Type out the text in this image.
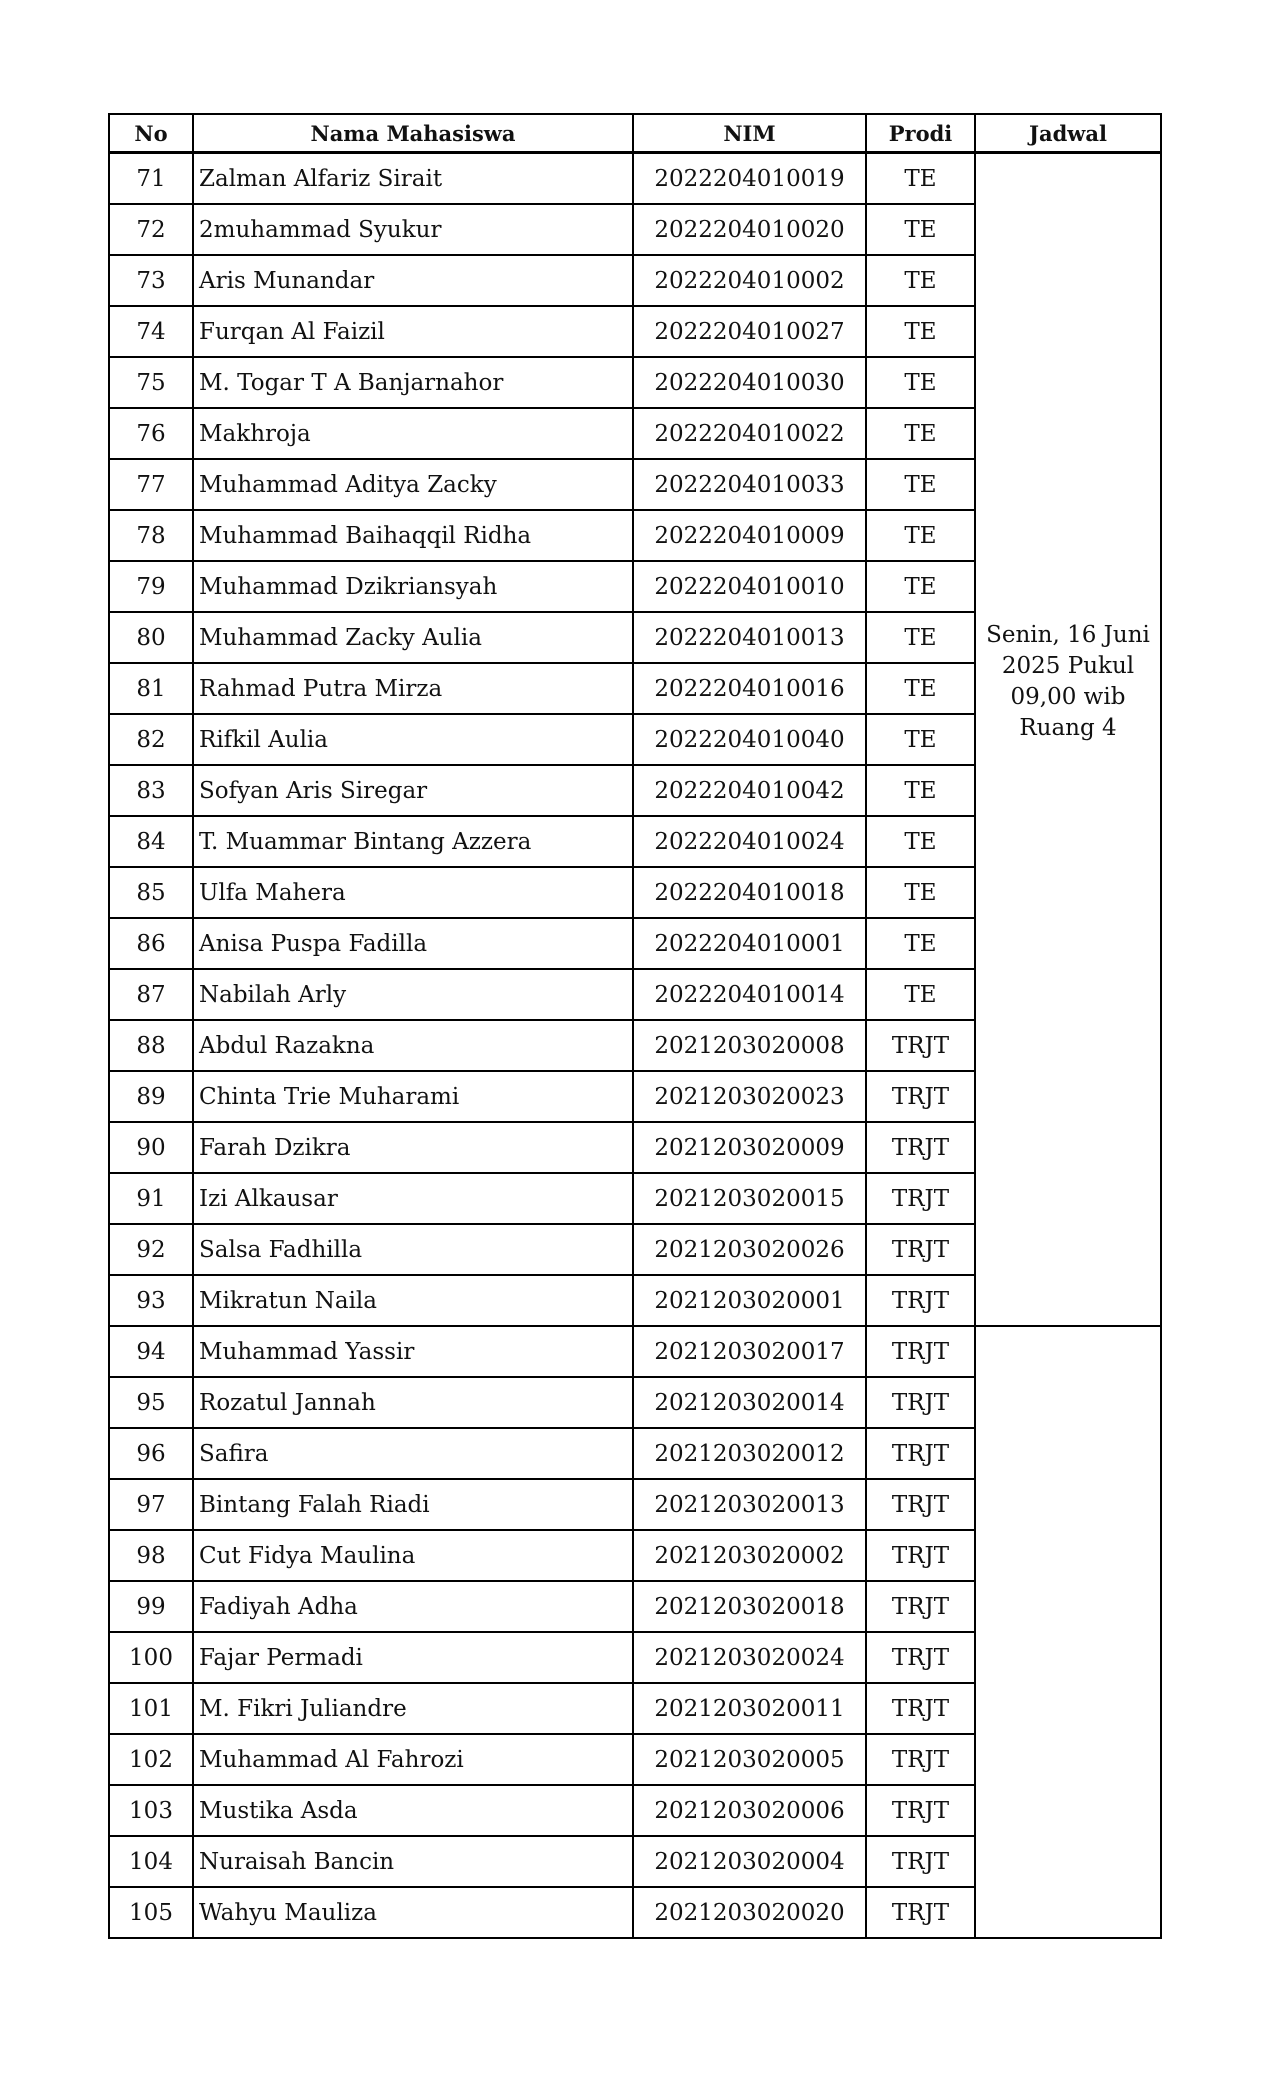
No	Nama Mahasiswa	NIM	Prodi	Jadwal
71	Zalman Alfariz Sirait	2022204010019	TE	Senin, 16 Juni
2025 Pukul
09,00 wib
Ruang 4

72	2muhammad Syukur	2022204010020	TE	
73	Aris Munandar	2022204010002	TE	
74	Furqan Al Faizil	2022204010027	TE	
75	M. Togar T A Banjarnahor	2022204010030	TE	
76	Makhroja	2022204010022	TE	
77	Muhammad Aditya Zacky	2022204010033	TE	
78	Muhammad Baihaqqil Ridha	2022204010009	TE	
79	Muhammad Dzikriansyah	2022204010010	TE	
80	Muhammad Zacky Aulia	2022204010013	TE	
81	Rahmad Putra Mirza	2022204010016	TE	
82	Rifkil Aulia	2022204010040	TE	
83	Sofyan Aris Siregar	2022204010042	TE	
84	T. Muammar Bintang Azzera	2022204010024	TE	
85	Ulfa Mahera	2022204010018	TE	
86	Anisa Puspa Fadilla	2022204010001	TE	
87	Nabilah Arly	2022204010014	TE	
88	Abdul Razakna	2021203020008	TRJT	
89	Chinta Trie Muharami	2021203020023	TRJT	
90	Farah Dzikra	2021203020009	TRJT	
91	Izi Alkausar	2021203020015	TRJT	
92	Salsa Fadhilla	2021203020026	TRJT	
93	Mikratun Naila	2021203020001	TRJT	
94	Muhammad Yassir	2021203020017	TRJT	

95	Rozatul Jannah	2021203020014	TRJT	
96	Safira	2021203020012	TRJT	
97	Bintang Falah Riadi	2021203020013	TRJT	
98	Cut Fidya Maulina	2021203020002	TRJT	
99	Fadiyah Adha	2021203020018	TRJT	
100	Fajar Permadi	2021203020024	TRJT	
101	M. Fikri Juliandre	2021203020011	TRJT	
102	Muhammad Al Fahrozi	2021203020005	TRJT	
103	Mustika Asda	2021203020006	TRJT	
104	Nuraisah Bancin	2021203020004	TRJT	
105	Wahyu Mauliza	2021203020020	TRJT	
